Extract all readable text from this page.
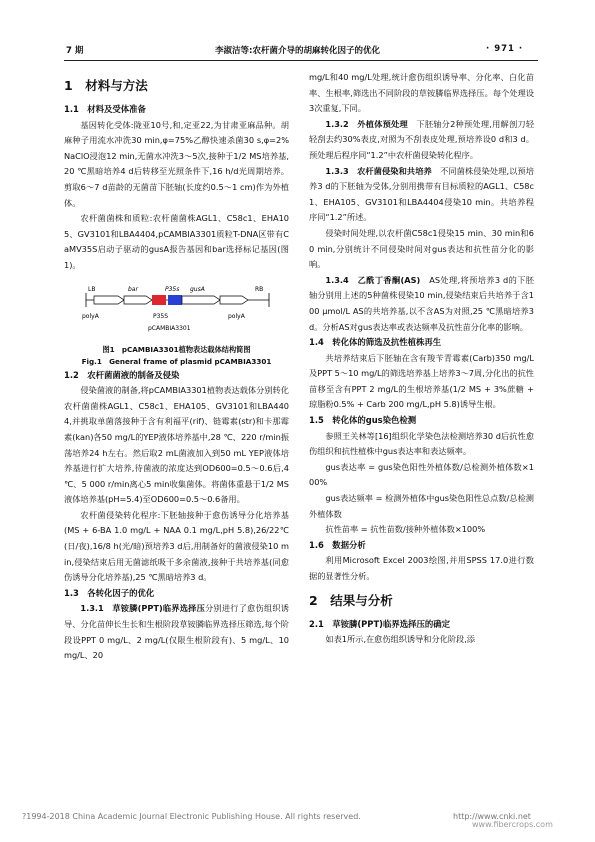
7 期	李淑洁等:农杆菌介导的胡麻转化因子的优化	· 971 ·
1　材料与方法

1.1　材料及受体准备

基因转化受体:陇亚10号,和,定亚22,为甘肃亚麻品种。胡麻种子用流水冲洗30 min,φ=75%乙醇快速杀菌30 s,φ=2% NaClO浸泡12 min,无菌水冲洗3～5次,接种于1/2 MS培养基,20 ℃黑暗培养4 d后转移至光照条件下,16 h/d光周期培养。剪取6～7 d苗龄的无菌苗下胚轴(长度约0.5～1 cm)作为外植体。

农杆菌菌株和质粒:农杆菌菌株AGL1、C58c1、EHA105、GV3101和LBA4404,pCAMBIA3301质粒T-DNA区带有CaMV35S启动子驱动的gusA报告基因和bar选择标记基因(图1)。

LB	RB
bar	P35s gusA
polyA	P35S	polyA
pCAMBIA3301
图1　pCAMBIA3301植物表达载体结构简图
Fig.1　General frame of plasmid pCAMBIA3301

1.2　农杆菌菌液的制备及侵染

侵染菌液的制备,将pCAMBIA3301植物表达载体分别转化农杆菌菌株AGL1、C58c1、EHA105、GV3101和LBA4404,并挑取单菌落接种于含有利福平(rif)、链霉素(str)和卡那霉素(kan)各50 mg/L的YEP液体培养基中,28 ℃、220 r/min振荡培养24 h左右。然后取2 mL菌液加入到50 mL YEP液体培养基进行扩大培养,待菌液的浓度达到OD600=0.5～0.6后,4 ℃、5 000 r/min离心5 min收集菌体。将菌体重悬于1/2 MS液体培养基(pH=5.4)至OD600=0.5～0.6备用。

农杆菌侵染转化程序:下胚轴接种于愈伤诱导分化培养基(MS + 6-BA 1.0 mg/L + NAA 0.1 mg/L,pH 5.8),26/22℃(日/夜),16/8 h(光/暗)预培养3 d后,用制备好的菌液侵染10 min,侵染结束后用无菌滤纸吸干多余菌液,接种于共培养基(同愈伤诱导分化培养基),25 ℃黑暗培养3 d。

1.3　各转化因子的优化

1.3.1　草铵膦(PPT)临界选择压分别进行了愈伤组织诱导、分化苗伸长生长和生根阶段草铵膦临界选择压筛选,每个阶段设PPT 0 mg/L、2 mg/L(仅限生根阶段有)、5 mg/L、10 mg/L、20

mg/L和40 mg/L处理,统计愈伤组织诱导率、分化率、白化苗率、生根率,筛选出不同阶段的草铵膦临界选择压。每个处理设3次重复,下同。

1.3.2　外植体预处理　 下胚轴分2种预处理,用解剖刀轻轻刮去约30%表皮,对照为不刮表皮处理,预培养设0 d和3 d。预处理后程序同“1.2”中农杆菌侵染转化程序。

1.3.3　农杆菌侵染和共培养　 不同菌株侵染处理,以预培养3 d的下胚轴为受体,分别用携带有目标质粒的AGL1、C58c1、EHA105、GV3101和LBA4404侵染10 min。共培养程序同“1.2”所述。

侵染时间处理,以农杆菌C58c1侵染15 min、30 min和60 min,分别统计不同侵染时间对gus表达和抗性苗分化的影响。

1.3.4　乙酰丁香酮(AS)　 AS处理,将预培养3 d的下胚轴分别用上述的5种菌株侵染10 min,侵染结束后共培养于含100 μmol/L AS的共培养基,以不含AS为对照,25 ℃黑暗培养3 d。分析AS对gus表达率或表达频率及抗性苗分化率的影响。

1.4　转化体的筛选及抗性植株再生

共培养结束后下胚轴在含有羧苄青霉素(Carb)350 mg/L及PPT 5～10 mg/L的筛选培养基上培养3～7周,分化出的抗性苗移至含有PPT 2 mg/L的生根培养基(1/2 MS + 3%蔗糖 + 琼脂粉0.5% + Carb 200 mg/L,pH 5.8)诱导生根。

1.5　转化体的gus染色检测

参照王关林等[16]组织化学染色法检测培养30 d后抗性愈伤组织和抗性植株中gus表达率和表达频率。

gus表达率 = gus染色阳性外植体数/总检测外植体数×100%

gus表达频率 = 检测外植体中gus染色阳性总点数/总检测外植体数

抗性苗率 = 抗性苗数/接种外植体数×100%

1.6　数据分析

利用Microsoft Excel 2003绘图,并用SPSS 17.0进行数据的显著性分析。

2　结果与分析

2.1　草铵膦(PPT)临界选择压的确定

如表1所示,在愈伤组织诱导和分化阶段,添

?1994-2018 China Academic Journal Electronic Publishing House. All rights reserved.	http://www.cnki.net
www.fibercrops.com
